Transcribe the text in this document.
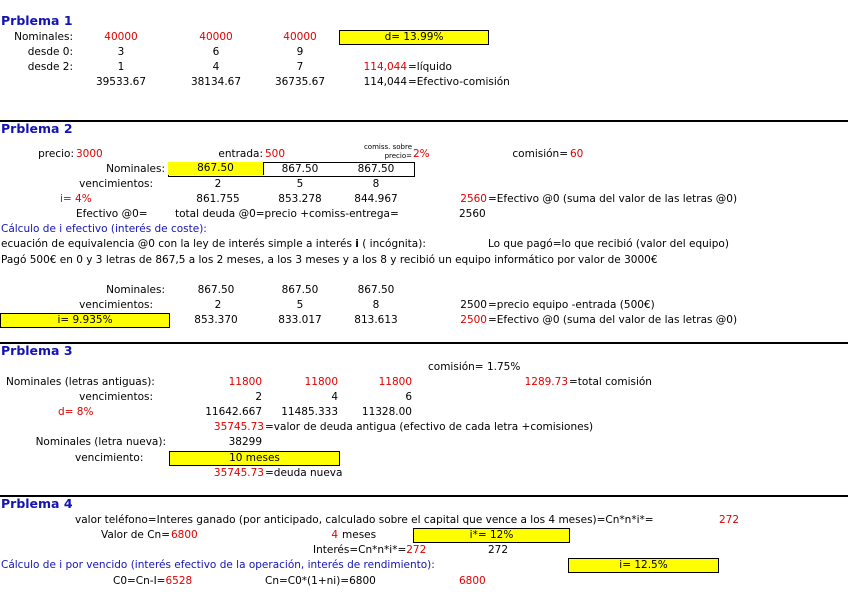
Prblema 1
Nominales:	40000	40000	40000	d= 13.99%
desde 0:	3	6	9
desde 2:	1	4	7	114,044 =líquido
39533.67	38134.67	36735.67	114,044 =Efectivo-comisión
Prblema 2
precio: 3000	entrada: 500
comiss. sobre
precio= 2%	comisión= 60
Nominales:	867.50	867.50	867.50
vencimientos:	2	5	8
i= 4%	861.755	853.278	844.967	2560 =Efectivo @0 (suma del valor de las letras @0)
Efectivo @0=	total deuda @0=precio +comiss-entrega=	2560
Cálculo de i efectivo (interés de coste):
ecuación de equivalencia @0 con la ley de interés simple a interés i ( incógnita):	Lo que pagó=lo que recibió (valor del equipo)
Pagó 500€ en 0 y 3 letras de 867,5 a los 2 meses, a los 3 meses y a los 8 y recibió un equipo informático por valor de 3000€
Nominales:	867.50	867.50	867.50
vencimientos:	2	5	8	2500 =precio equipo -entrada (500€)
i= 9.935%	853.370	833.017	813.613	2500 =Efectivo @0 (suma del valor de las letras @0)
Prblema 3
comisión= 1.75%
Nominales (letras antiguas):	11800	11800	11800	1289.73 =total comisión
vencimientos:	2	4	6
d= 8%	11642.667	11485.333	11328.00
35745.73 =valor de deuda antigua (efectivo de cada letra +comisiones)
Nominales (letra nueva):	38299
vencimiento:	10 meses
35745.73 =deuda nueva
Prblema 4
valor teléfono=Interes ganado (por anticipado, calculado sobre el capital que vence a los 4 meses)=Cn*n*i*=	272
Valor de Cn= 6800	4 meses	i*= 12%
Interés=Cn*n*i*=272	272
Cálculo de i por vencido (interés efectivo de la operación, interés de rendimiento):	i= 12.5%
C0=Cn-I=6528	Cn=C0*(1+ni)=6800	6800
